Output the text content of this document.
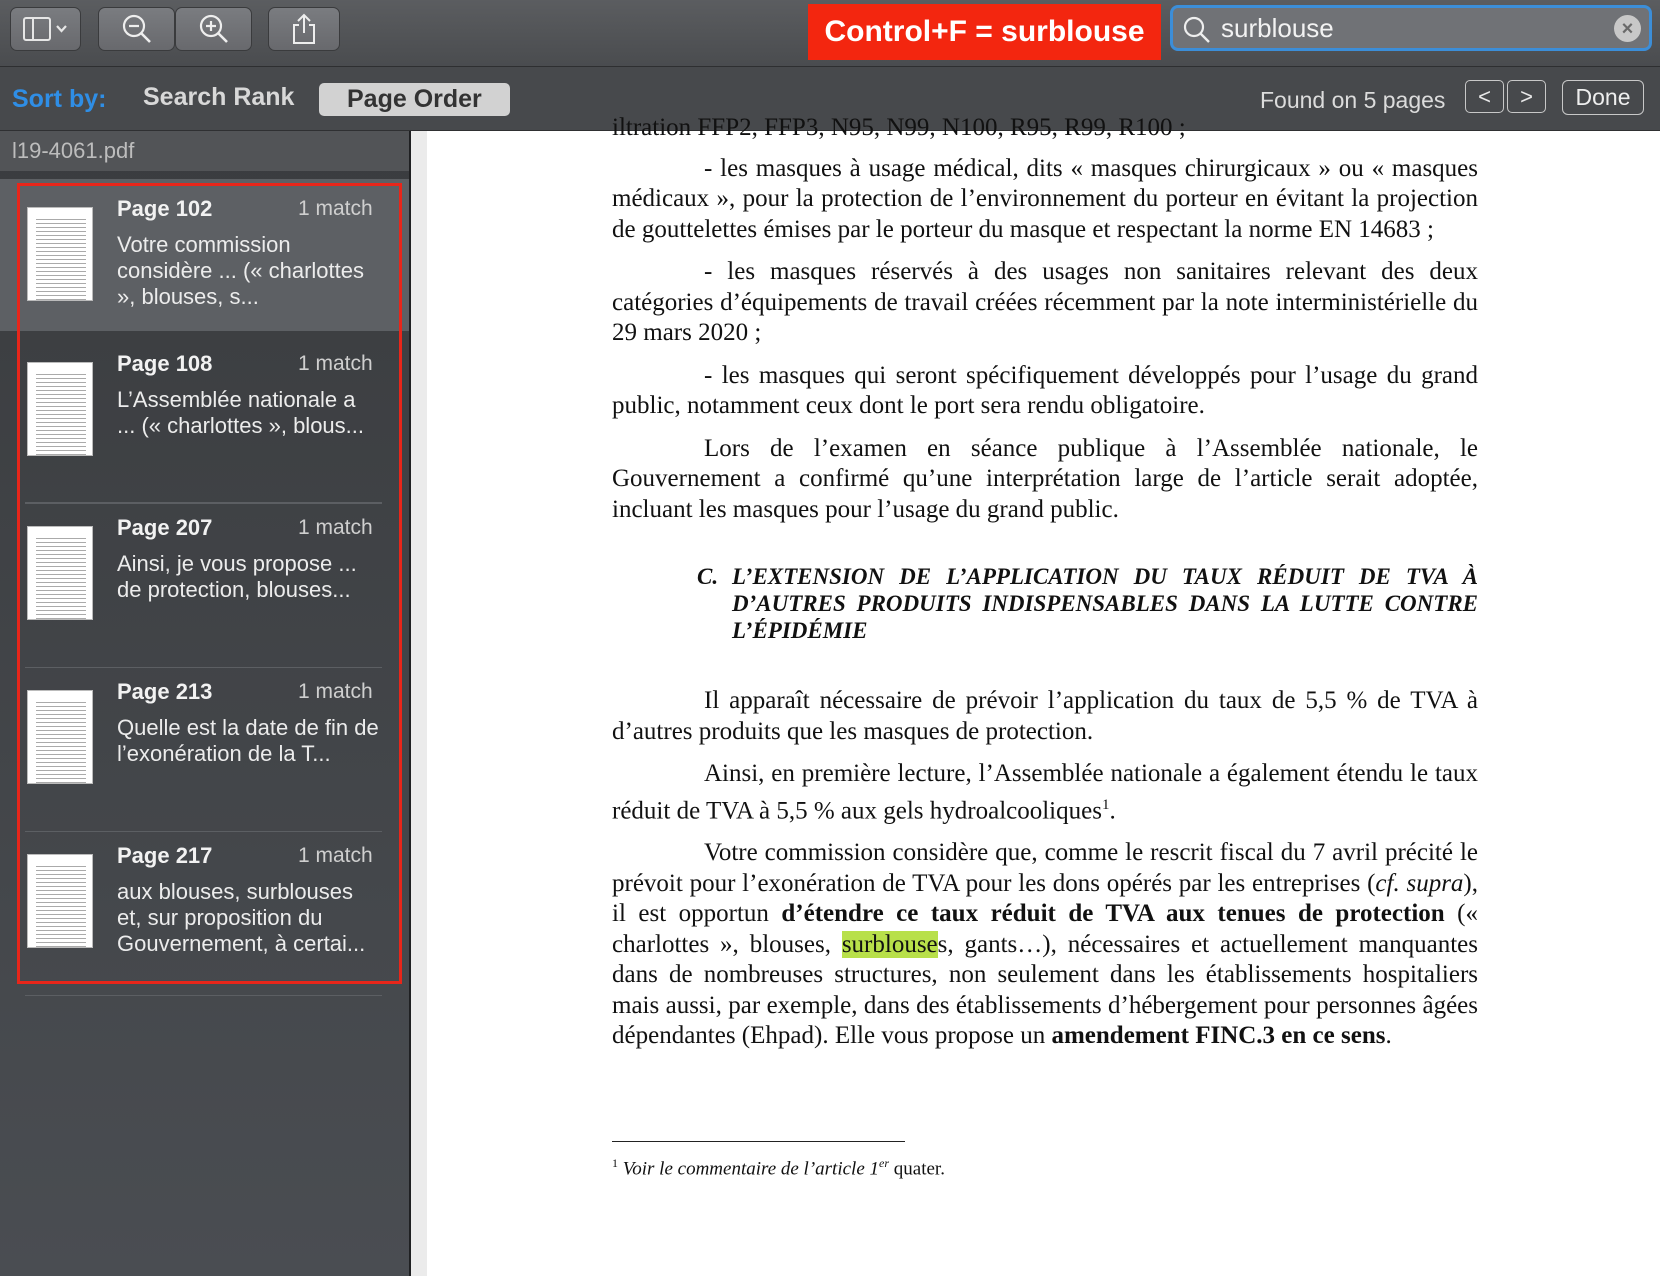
Control+F = surblouse
surblouse	×
Sort by: Search Rank	Page Order	Found on 5 pages < >	Done
l19-4061.pdf
Page 102	1 match
Votre commission considère ... (« charlottes », blouses, s...
Page 108	1 match
L’Assemblée nationale a ... (« charlottes », blous...
Page 207	1 match
Ainsi, je vous propose ... de protection, blouses...
Page 213	1 match
Quelle est la date de fin de l’exonération de la T...
Page 217	1 match
aux blouses, surblouses et, sur proposition du Gouvernement, à certai...

iltration FFP2, FFP3, N95, N99, N100, R95, R99, R100 ;

- les masques à usage médical, dits « masques chirurgicaux » ou « masques médicaux », pour la protection de l’environnement du porteur en évitant la projection de gouttelettes émises par le porteur du masque et respectant la norme EN 14683 ;

- les masques réservés à des usages non sanitaires relevant des deux catégories d’équipements de travail créées récemment par la note interministérielle du 29 mars 2020 ;

- les masques qui seront spécifiquement développés pour l’usage du grand public, notamment ceux dont le port sera rendu obligatoire.

Lors de l’examen en séance publique à l’Assemblée nationale, le Gouvernement a confirmé qu’une interprétation large de l’article serait adoptée, incluant les masques pour l’usage du grand public.

C. L’EXTENSION DE L’APPLICATION DU TAUX RÉDUIT DE TVA À D’AUTRES PRODUITS INDISPENSABLES DANS LA LUTTE CONTRE L’ÉPIDÉMIE

Il apparaît nécessaire de prévoir l’application du taux de 5,5 % de TVA à d’autres produits que les masques de protection.

Ainsi, en première lecture, l’Assemblée nationale a également étendu le taux réduit de TVA à 5,5 % aux gels hydroalcooliques$^1$.

Votre commission considère que, comme le rescrit fiscal du 7 avril précité le prévoit pour l’exonération de TVA pour les dons opérés par les entreprises (cf. supra), il est opportun d’étendre ce taux réduit de TVA aux tenues de protection (« charlottes », blouses, surblouses, gants…), nécessaires et actuellement manquantes dans de nombreuses structures, non seulement dans les établissements hospitaliers mais aussi, par exemple, dans des établissements d’hébergement pour personnes âgées dépendantes (Ehpad). Elle vous propose un amendement FINC.3 en ce sens.

$^1$ Voir le commentaire de l’article 1er quater.
